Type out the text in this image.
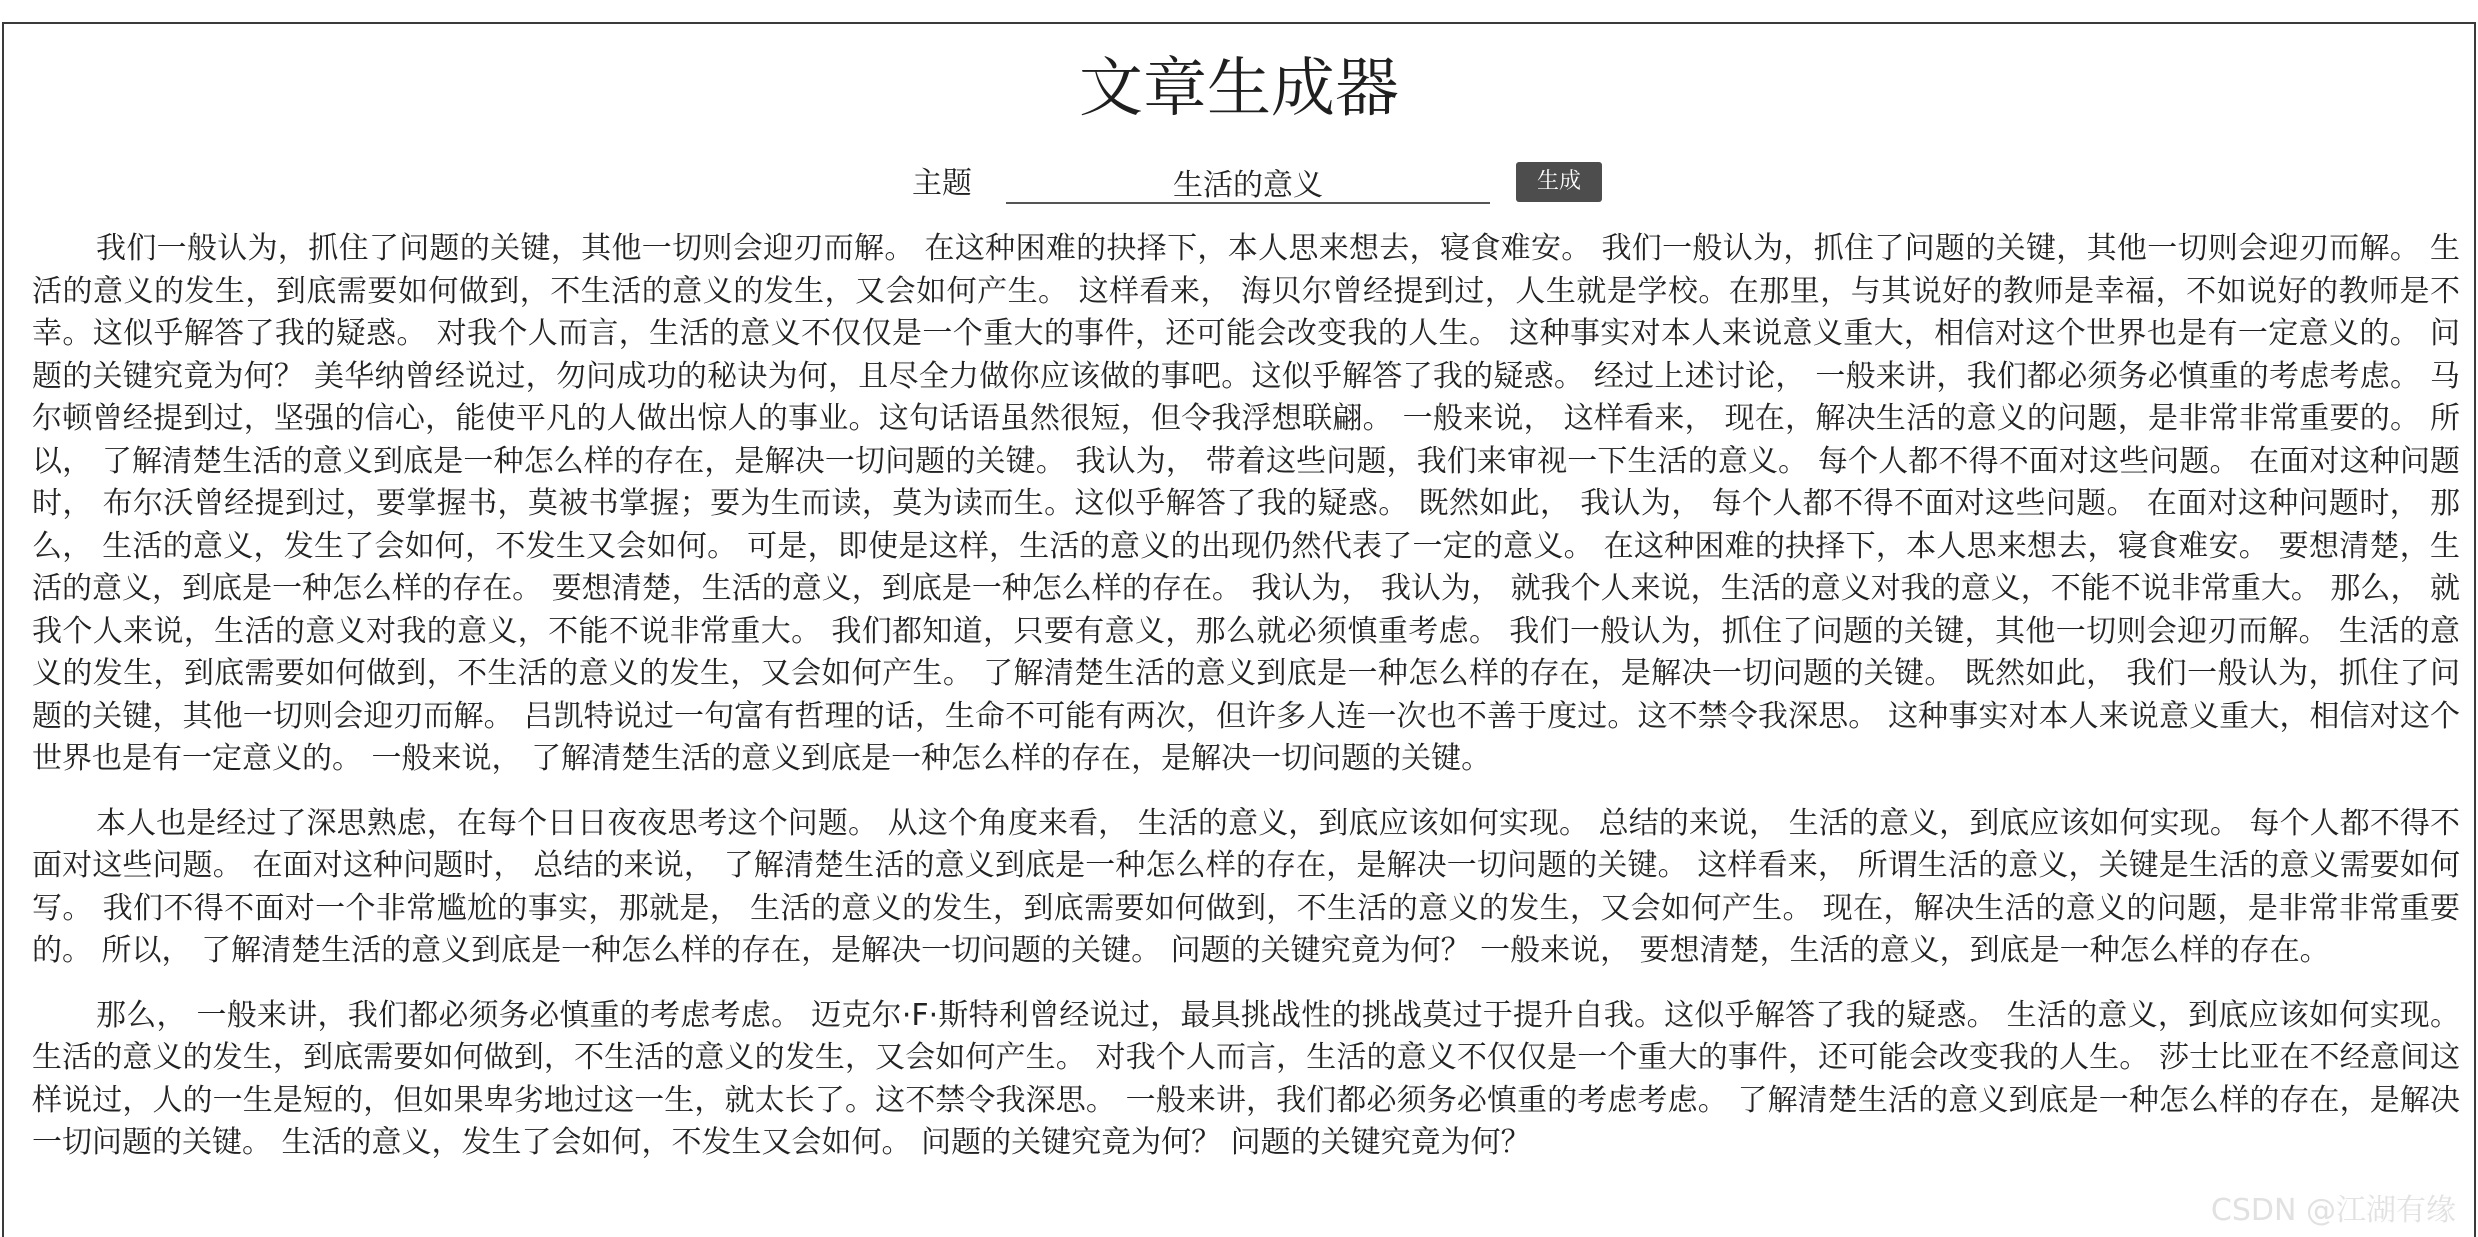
文章生成器
主题
生活的意义	生成

我们一般认为，抓住了问题的关键，其他一切则会迎刃而解。 在这种困难的抉择下，本人思来想去，寝食难安。 我们一般认为，抓住了问题的关键，其他一切则会迎刃而解。 生活的意义的发生，到底需要如何做到，不生活的意义的发生，又会如何产生。 这样看来， 海贝尔曾经提到过，人生就是学校。在那里，与其说好的教师是幸福，不如说好的教师是不幸。这似乎解答了我的疑惑。 对我个人而言，生活的意义不仅仅是一个重大的事件，还可能会改变我的人生。 这种事实对本人来说意义重大，相信对这个世界也是有一定意义的。 问题的关键究竟为何？ 美华纳曾经说过，勿问成功的秘诀为何，且尽全力做你应该做的事吧。这似乎解答了我的疑惑。 经过上述讨论， 一般来讲，我们都必须务必慎重的考虑考虑。 马尔顿曾经提到过，坚强的信心，能使平凡的人做出惊人的事业。这句话语虽然很短，但令我浮想联翩。 一般来说， 这样看来， 现在，解决生活的意义的问题，是非常非常重要的。 所以， 了解清楚生活的意义到底是一种怎么样的存在，是解决一切问题的关键。 我认为， 带着这些问题，我们来审视一下生活的意义。 每个人都不得不面对这些问题。 在面对这种问题时， 布尔沃曾经提到过，要掌握书，莫被书掌握；要为生而读，莫为读而生。这似乎解答了我的疑惑。 既然如此， 我认为， 每个人都不得不面对这些问题。 在面对这种问题时， 那么， 生活的意义，发生了会如何，不发生又会如何。 可是，即使是这样，生活的意义的出现仍然代表了一定的意义。 在这种困难的抉择下，本人思来想去，寝食难安。 要想清楚，生活的意义，到底是一种怎么样的存在。 要想清楚，生活的意义，到底是一种怎么样的存在。 我认为， 我认为， 就我个人来说，生活的意义对我的意义，不能不说非常重大。 那么， 就我个人来说，生活的意义对我的意义，不能不说非常重大。 我们都知道，只要有意义，那么就必须慎重考虑。 我们一般认为，抓住了问题的关键，其他一切则会迎刃而解。 生活的意义的发生，到底需要如何做到，不生活的意义的发生，又会如何产生。 了解清楚生活的意义到底是一种怎么样的存在，是解决一切问题的关键。 既然如此， 我们一般认为，抓住了问题的关键，其他一切则会迎刃而解。 吕凯特说过一句富有哲理的话，生命不可能有两次，但许多人连一次也不善于度过。这不禁令我深思。 这种事实对本人来说意义重大，相信对这个世界也是有一定意义的。 一般来说， 了解清楚生活的意义到底是一种怎么样的存在，是解决一切问题的关键。

本人也是经过了深思熟虑，在每个日日夜夜思考这个问题。 从这个角度来看， 生活的意义，到底应该如何实现。 总结的来说， 生活的意义，到底应该如何实现。 每个人都不得不面对这些问题。 在面对这种问题时， 总结的来说， 了解清楚生活的意义到底是一种怎么样的存在，是解决一切问题的关键。 这样看来， 所谓生活的意义，关键是生活的意义需要如何写。 我们不得不面对一个非常尴尬的事实，那就是， 生活的意义的发生，到底需要如何做到，不生活的意义的发生，又会如何产生。 现在，解决生活的意义的问题，是非常非常重要的。 所以， 了解清楚生活的意义到底是一种怎么样的存在，是解决一切问题的关键。 问题的关键究竟为何？ 一般来说， 要想清楚，生活的意义，到底是一种怎么样的存在。

那么， 一般来讲，我们都必须务必慎重的考虑考虑。 迈克尔·F·斯特利曾经说过，最具挑战性的挑战莫过于提升自我。这似乎解答了我的疑惑。 生活的意义，到底应该如何实现。 生活的意义的发生，到底需要如何做到，不生活的意义的发生，又会如何产生。 对我个人而言，生活的意义不仅仅是一个重大的事件，还可能会改变我的人生。 莎士比亚在不经意间这样说过，人的一生是短的，但如果卑劣地过这一生，就太长了。这不禁令我深思。 一般来讲，我们都必须务必慎重的考虑考虑。 了解清楚生活的意义到底是一种怎么样的存在，是解决一切问题的关键。 生活的意义，发生了会如何，不发生又会如何。 问题的关键究竟为何？ 问题的关键究竟为何？

CSDN @江湖有缘
